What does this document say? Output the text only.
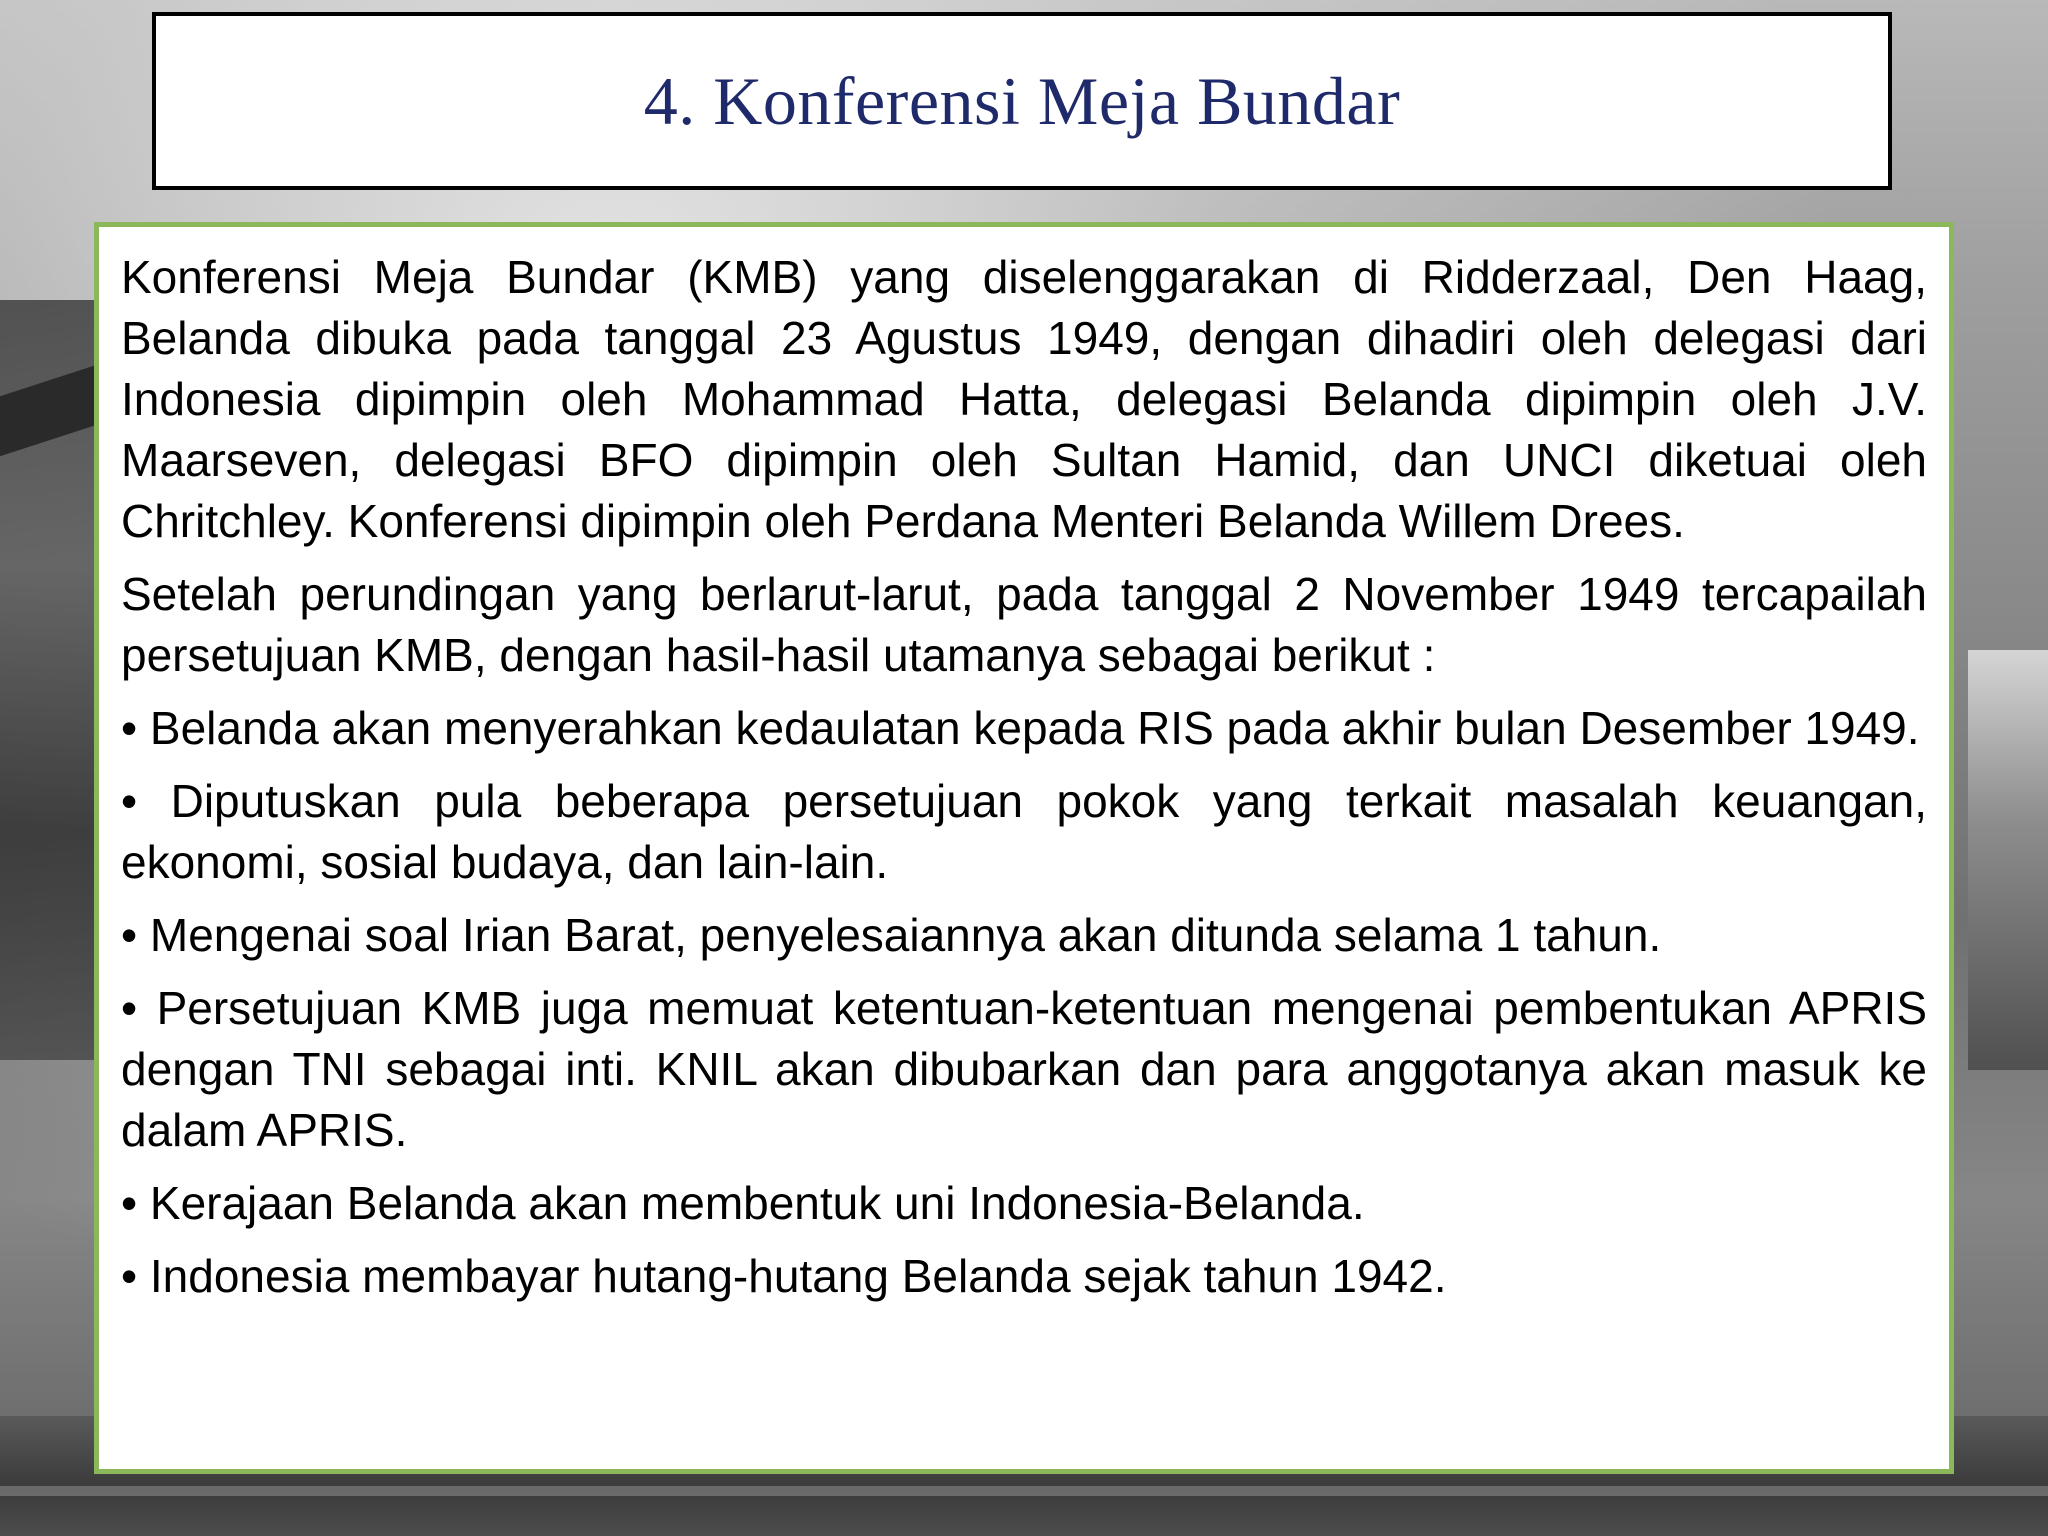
4. Konferensi Meja Bundar

Konferensi Meja Bundar (KMB) yang diselenggarakan di Ridderzaal, Den Haag, Belanda dibuka pada tanggal 23 Agustus 1949, dengan dihadiri oleh delegasi dari Indonesia dipimpin oleh Mohammad Hatta, delegasi Belanda dipimpin oleh J.V. Maarseven, delegasi BFO dipimpin oleh Sultan Hamid, dan UNCI diketuai oleh Chritchley. Konferensi dipimpin oleh Perdana Menteri Belanda Willem Drees.

Setelah perundingan yang berlarut-larut, pada tanggal 2 November 1949 tercapailah persetujuan KMB, dengan hasil-hasil utamanya sebagai berikut :

• Belanda akan menyerahkan kedaulatan kepada RIS pada akhir bulan Desember 1949.

• Diputuskan pula beberapa persetujuan pokok yang terkait masalah keuangan, ekonomi, sosial budaya, dan lain-lain.

• Mengenai soal Irian Barat, penyelesaiannya akan ditunda selama 1 tahun.

• Persetujuan KMB juga memuat ketentuan-ketentuan mengenai pembentukan APRIS dengan TNI sebagai inti. KNIL akan dibubarkan dan para anggotanya akan masuk ke dalam APRIS.

• Kerajaan Belanda akan membentuk uni Indonesia-Belanda.

• Indonesia membayar hutang-hutang Belanda sejak tahun 1942.
